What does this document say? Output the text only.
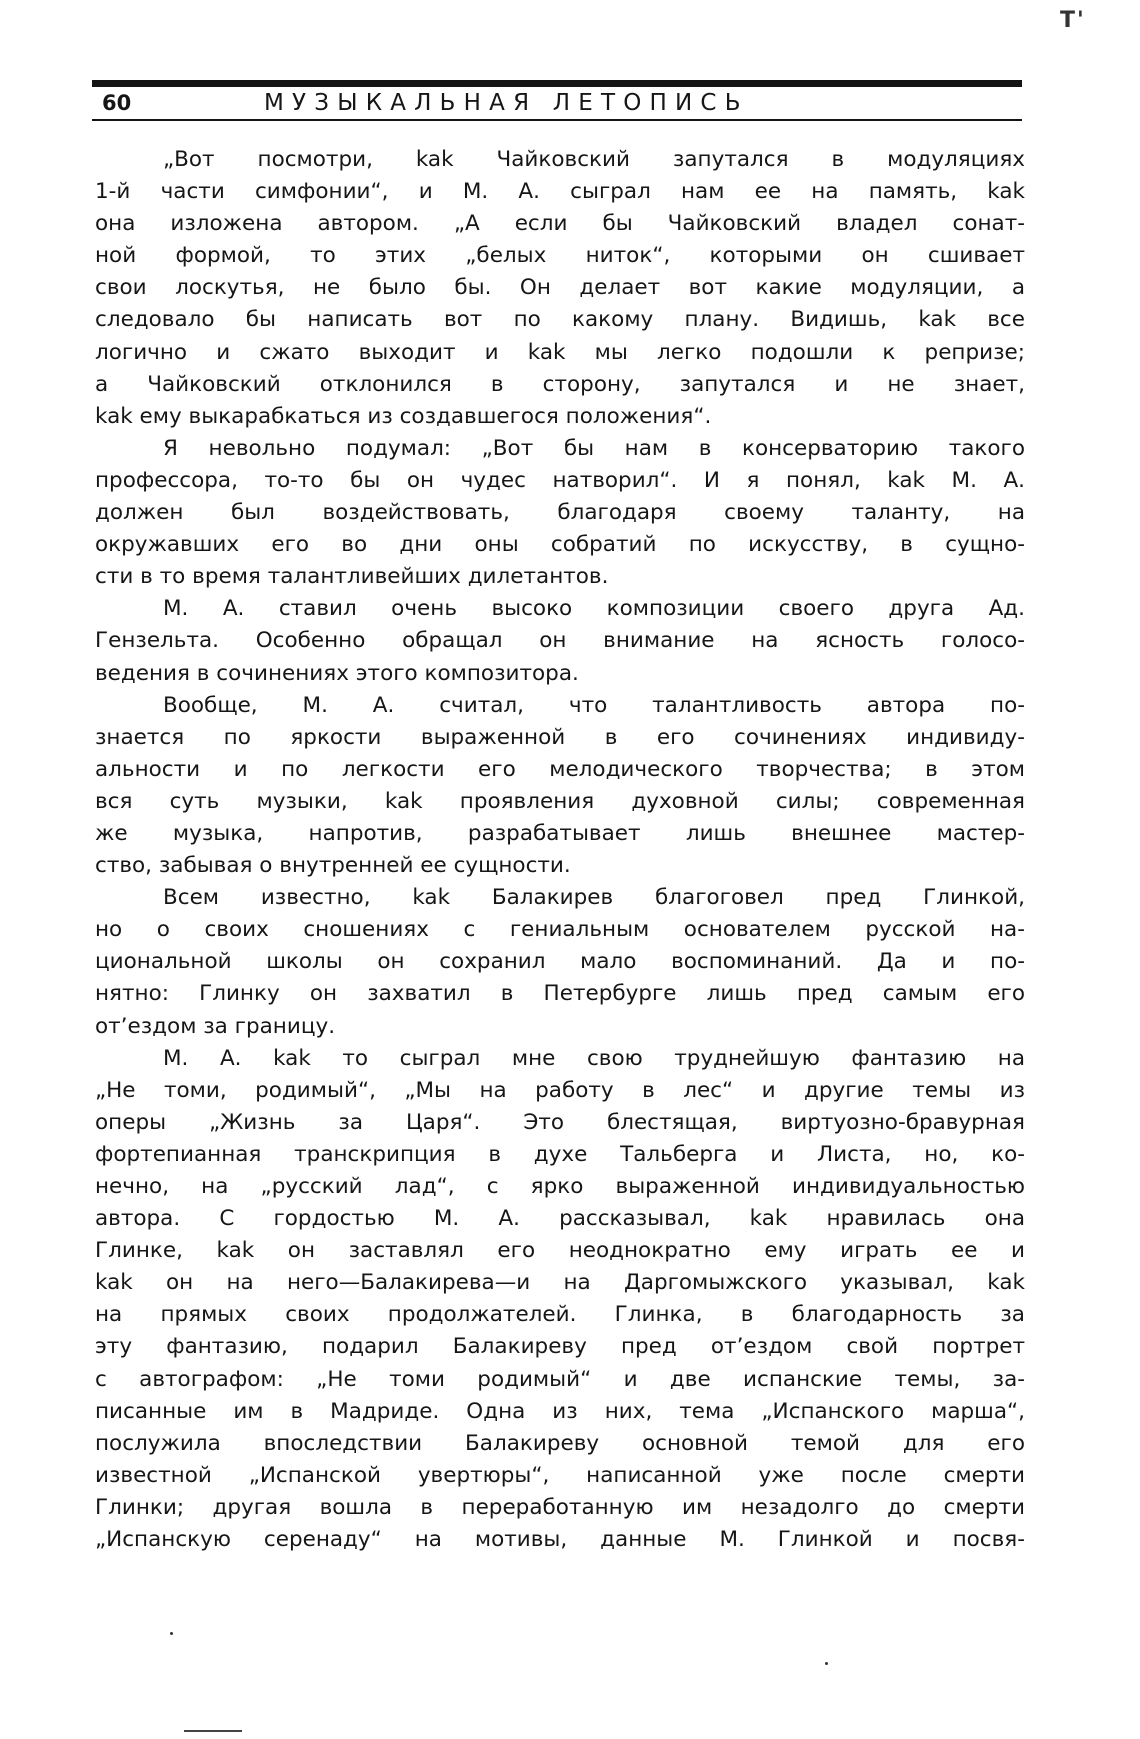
T'
60	МУЗЫКАЛЬНАЯ ЛЕТОПИСЬ
„Вот посмотри, kak Чайковский запутался в модуляциях
1-й части симфонии“, и М. А. сыграл нам ее на память, kak
она изложена автором. „А если бы Чайковский владел сонат-
ной формой, то этих „белых ниток“, которыми он сшивает
свои лоскутья, не было бы. Он делает вот какие модуляции, а
следовало бы написать вот по какому плану. Видишь, kak все
логично и сжато выходит и kak мы легко подошли к репризе;
а Чайковский отклонился в сторону, запутался и не знает,
kak ему выкарабкаться из создавшегося положения“.
Я невольно подумал: „Вот бы нам в консерваторию такого
профессора, то-то бы он чудес натворил“. И я понял, kak М. А.
должен был воздействовать, благодаря своему таланту, на
окружавших его во дни оны собратий по искусству, в сущно-
сти в то время талантливейших дилетантов.
М. А. ставил очень высоко композиции своего друга Ад.
Гензельта. Особенно обращал он внимание на ясность голосо-
ведения в сочинениях этого композитора.
Вообще, М. А. считал, что талантливость автора по-
знается по яркости выраженной в его сочинениях индивиду-
альности и по легкости его мелодического творчества; в этом
вся суть музыки, kak проявления духовной силы; современная
же музыка, напротив, разрабатывает лишь внешнее мастер-
ство, забывая о внутренней ее сущности.
Всем известно, kak Балакирев благоговел пред Глинкой,
но о своих сношениях с гениальным основателем русской на-
циональной школы он сохранил мало воспоминаний. Да и по-
нятно: Глинку он захватил в Петербурге лишь пред самым его
от’ездом за границу.
М. А. kak то сыграл мне свою труднейшую фантазию на
„Не томи, родимый“, „Мы на работу в лес“ и другие темы из
оперы „Жизнь за Царя“. Это блестящая, виртуозно-бравурная
фортепианная транскрипция в духе Тальберга и Листа, но, ко-
нечно, на „русский лад“, с ярко выраженной индивидуальностью
автора. С гордостью М. А. рассказывал, kak нравилась она
Глинке, kak он заставлял его неоднократно ему играть ее и
kak он на него—Балакирева—и на Даргомыжского указывал, kak
на прямых своих продолжателей. Глинка, в благодарность за
эту фантазию, подарил Балакиреву пред от’ездом свой портрет
с автографом: „Не томи родимый“ и две испанские темы, за-
писанные им в Мадриде. Одна из них, тема „Испанского марша“,
послужила впоследствии Балакиреву основной темой для его
известной „Испанской увертюры“, написанной уже после смерти
Глинки; другая вошла в переработанную им незадолго до смерти
„Испанскую серенаду“ на мотивы, данные М. Глинкой и посвя-
